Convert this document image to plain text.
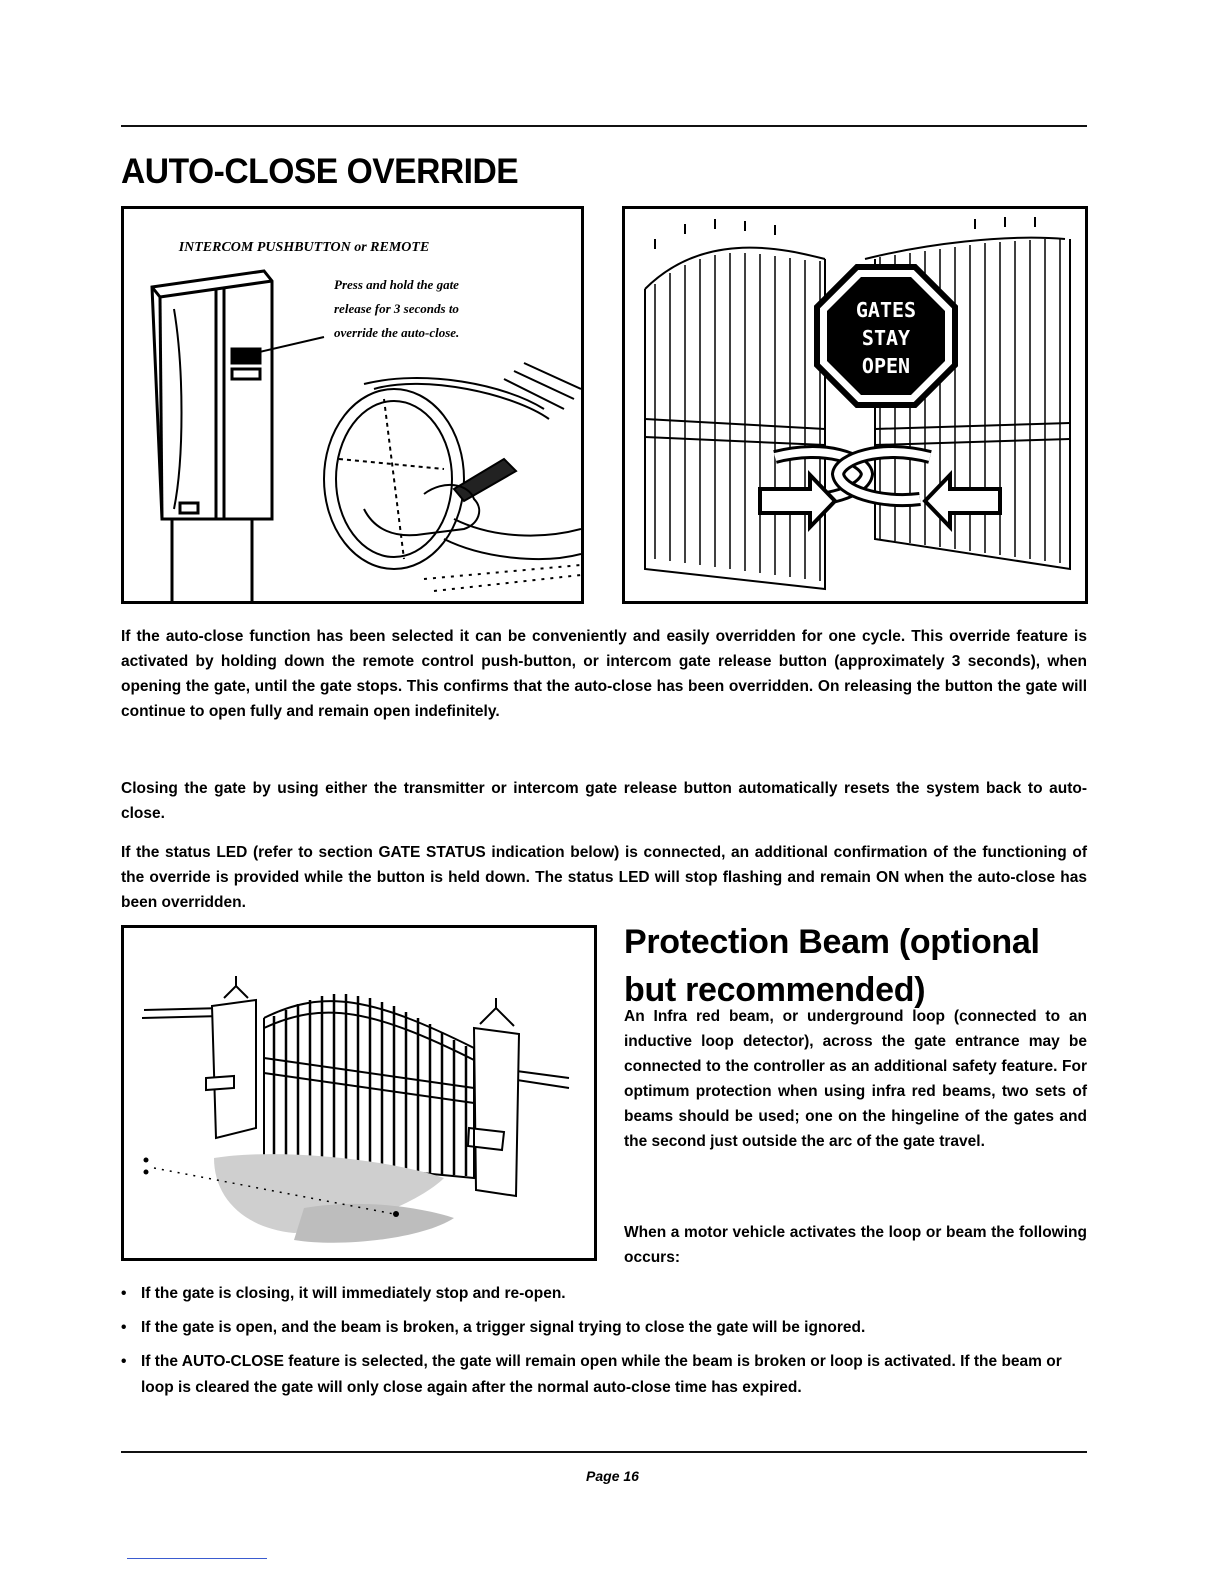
AUTO-CLOSE OVERRIDE
INTERCOM PUSHBUTTON or REMOTE
Press and hold the gate
release for 3 seconds to
override the auto-close.
GATES
STAY
OPEN

If the auto-close function has been selected it can be conveniently and easily overridden for one cycle. This override feature is activated by holding down the remote control push-button, or intercom gate release button (approximately 3 seconds), when opening the gate, until the gate stops. This confirms that the auto-close has been overridden. On releasing the button the gate will continue to open fully and remain open indefinitely.

Closing the gate by using either the transmitter or intercom gate release button automatically resets the system back to auto-close.

If the status LED (refer to section GATE STATUS indication below) is connected, an additional confirmation of the functioning of the override is provided while the button is held down. The status LED will stop flashing and remain ON when the auto-close has been overridden.

Protection Beam (optional but recommended)

An Infra red beam, or underground loop (connected to an inductive loop detector), across the gate entrance may be connected to the controller as an additional safety feature. For optimum protection when using infra red beams, two sets of beams should be used; one on the hingeline of the gates and the second just outside the arc of the gate travel.

When a motor vehicle activates the loop or beam the following occurs:

• If the gate is closing, it will immediately stop and re-open.
• If the gate is open, and the beam is broken, a trigger signal trying to close the gate will be ignored.
• If the AUTO-CLOSE feature is selected, the gate will remain open while the beam is broken or loop is activated. If the beam or loop is cleared the gate will only close again after the normal auto-close time has expired.
Page 16
